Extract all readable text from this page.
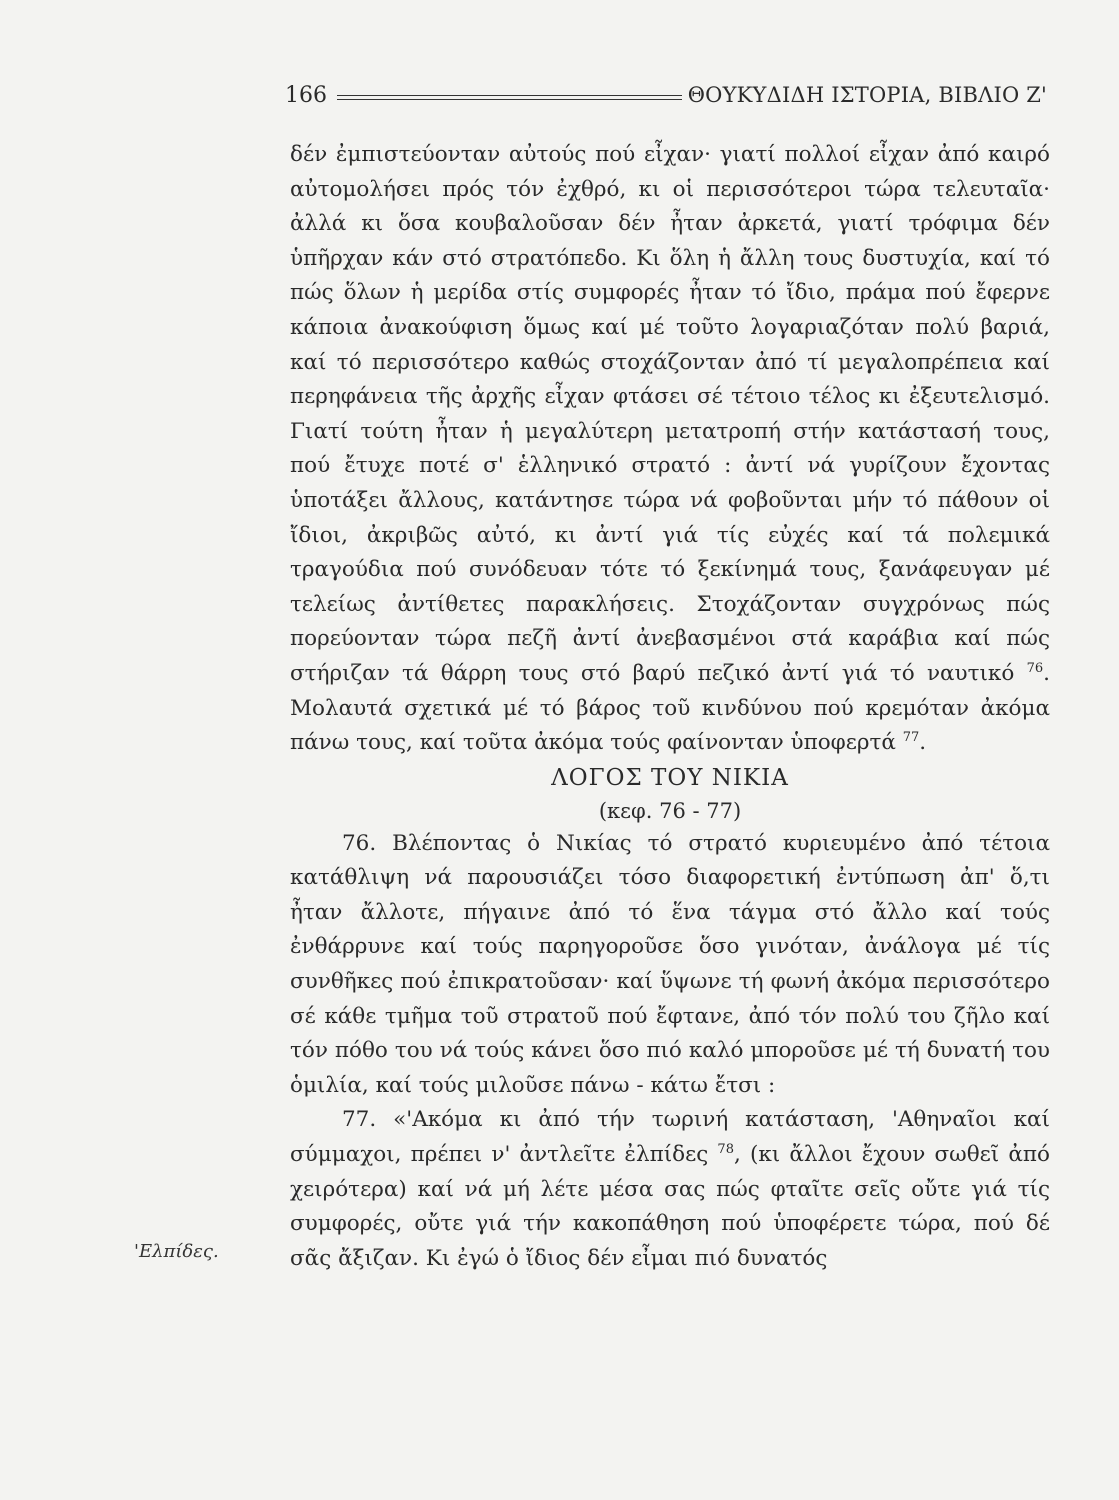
166	ΘΟΥΚΥΔΙΔΗ ΙΣΤΟΡΙΑ, ΒΙΒΛΙΟ Ζ'
'Ελπίδες.

δέν ἐμπιστεύονταν αὐτούς πού εἶχαν· γιατί πολλοί εἶχαν ἀπό καιρό αὐτομολήσει πρός τόν ἐχθρό, κι οἱ περισσότεροι τώρα τελευταῖα· ἀλλά κι ὅσα κουβαλοῦσαν δέν ἦταν ἀρκετά, γιατί τρόφιμα δέν ὑπῆρχαν κάν στό στρατόπεδο. Κι ὅλη ἡ ἄλλη τους δυστυχία, καί τό πώς ὅλων ἡ μερίδα στίς συμφορές ἦταν τό ἴδιο, πράμα πού ἔφερνε κάποια ἀνακούφιση ὅμως καί μέ τοῦτο λογαριαζόταν πολύ βαριά, καί τό περισσότερο καθώς στοχάζονταν ἀπό τί μεγαλοπρέπεια καί περηφάνεια τῆς ἀρχῆς εἶχαν φτάσει σέ τέτοιο τέλος κι ἐξευτελισμό. Γιατί τούτη ἦταν ἡ μεγαλύτερη μετατροπή στήν κατάστασή τους, πού ἔτυχε ποτέ σ' ἑλληνικό στρατό : ἀντί νά γυρίζουν ἔχοντας ὑποτάξει ἄλλους, κατάντησε τώρα νά φοβοῦνται μήν τό πάθουν οἱ ἴδιοι, ἀκριβῶς αὐτό, κι ἀντί γιά τίς εὐχές καί τά πολεμικά τραγούδια πού συνόδευαν τότε τό ξεκίνημά τους, ξανάφευγαν μέ τελείως ἀντίθετες παρακλήσεις. Στοχάζονταν συγχρόνως πώς πορεύονταν τώρα πεζῆ ἀντί ἀνεβασμένοι στά καράβια καί πώς στήριζαν τά θάρρη τους στό βαρύ πεζικό ἀντί γιά τό ναυτικό $^{76}$. Μολαυτά σχετικά μέ τό βάρος τοῦ κινδύνου πού κρεμόταν ἀκόμα πάνω τους, καί τοῦτα ἀκόμα τούς φαίνονταν ὑποφερτά $^{77}$.

ΛΟΓΟΣ ΤΟΥ ΝΙΚΙΑ

(κεφ. 76 - 77)

76. Βλέποντας ὁ Νικίας τό στρατό κυριευμένο ἀπό τέτοια κατάθλιψη νά παρουσιάζει τόσο διαφορετική ἐντύπωση ἀπ' ὅ,τι ἦταν ἄλλοτε, πήγαινε ἀπό τό ἕνα τάγμα στό ἄλλο καί τούς ἐνθάρρυνε καί τούς παρηγοροῦσε ὅσο γινόταν, ἀνάλογα μέ τίς συνθῆκες πού ἐπικρατοῦσαν· καί ὕψωνε τή φωνή ἀκόμα περισσότερο σέ κάθε τμῆμα τοῦ στρατοῦ πού ἔφτανε, ἀπό τόν πολύ του ζῆλο καί τόν πόθο του νά τούς κάνει ὅσο πιό καλό μποροῦσε μέ τή δυνατή του ὁμιλία, καί τούς μιλοῦσε πάνω - κάτω ἔτσι :

77. «'Ακόμα κι ἀπό τήν τωρινή κατάσταση, 'Αθηναῖοι καί σύμμαχοι, πρέπει ν' ἀντλεῖτε ἐλπίδες $^{78}$, (κι ἄλλοι ἔχουν σωθεῖ ἀπό χειρότερα) καί νά μή λέτε μέσα σας πώς φταῖτε σεῖς οὔτε γιά τίς συμφορές, οὔτε γιά τήν κακοπάθηση πού ὑποφέρετε τώρα, πού δέ σᾶς ἄξιζαν. Κι ἐγώ ὁ ἴδιος δέν εἶμαι πιό δυνατός
